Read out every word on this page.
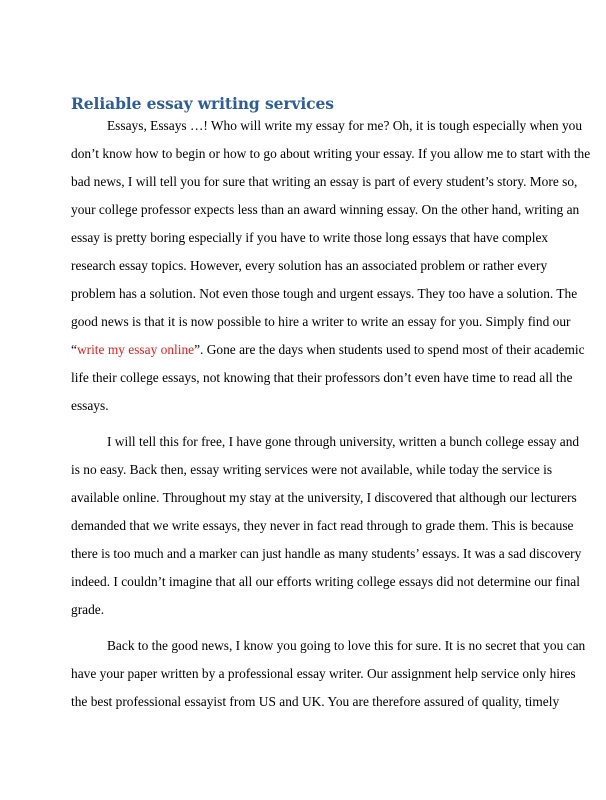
Reliable essay writing services

Essays, Essays …! Who will write my essay for me? Oh, it is tough especially when you

don’t know how to begin or how to go about writing your essay. If you allow me to start with the

bad news, I will tell you for sure that writing an essay is part of every student’s story. More so,

your college professor expects less than an award winning essay. On the other hand, writing an

essay is pretty boring especially if you have to write those long essays that have complex

research essay topics. However, every solution has an associated problem or rather every

problem has a solution. Not even those tough and urgent essays. They too have a solution. The

good news is that it is now possible to hire a writer to write an essay for you. Simply find our

“write my essay online”. Gone are the days when students used to spend most of their academic

life their college essays, not knowing that their professors don’t even have time to read all the

essays.

I will tell this for free, I have gone through university, written a bunch college essay and

is no easy. Back then, essay writing services were not available, while today the service is

available online. Throughout my stay at the university, I discovered that although our lecturers

demanded that we write essays, they never in fact read through to grade them. This is because

there is too much and a marker can just handle as many students’ essays. It was a sad discovery

indeed. I couldn’t imagine that all our efforts writing college essays did not determine our final

grade.

Back to the good news, I know you going to love this for sure. It is no secret that you can

have your paper written by a professional essay writer. Our assignment help service only hires

the best professional essayist from US and UK. You are therefore assured of quality, timely
